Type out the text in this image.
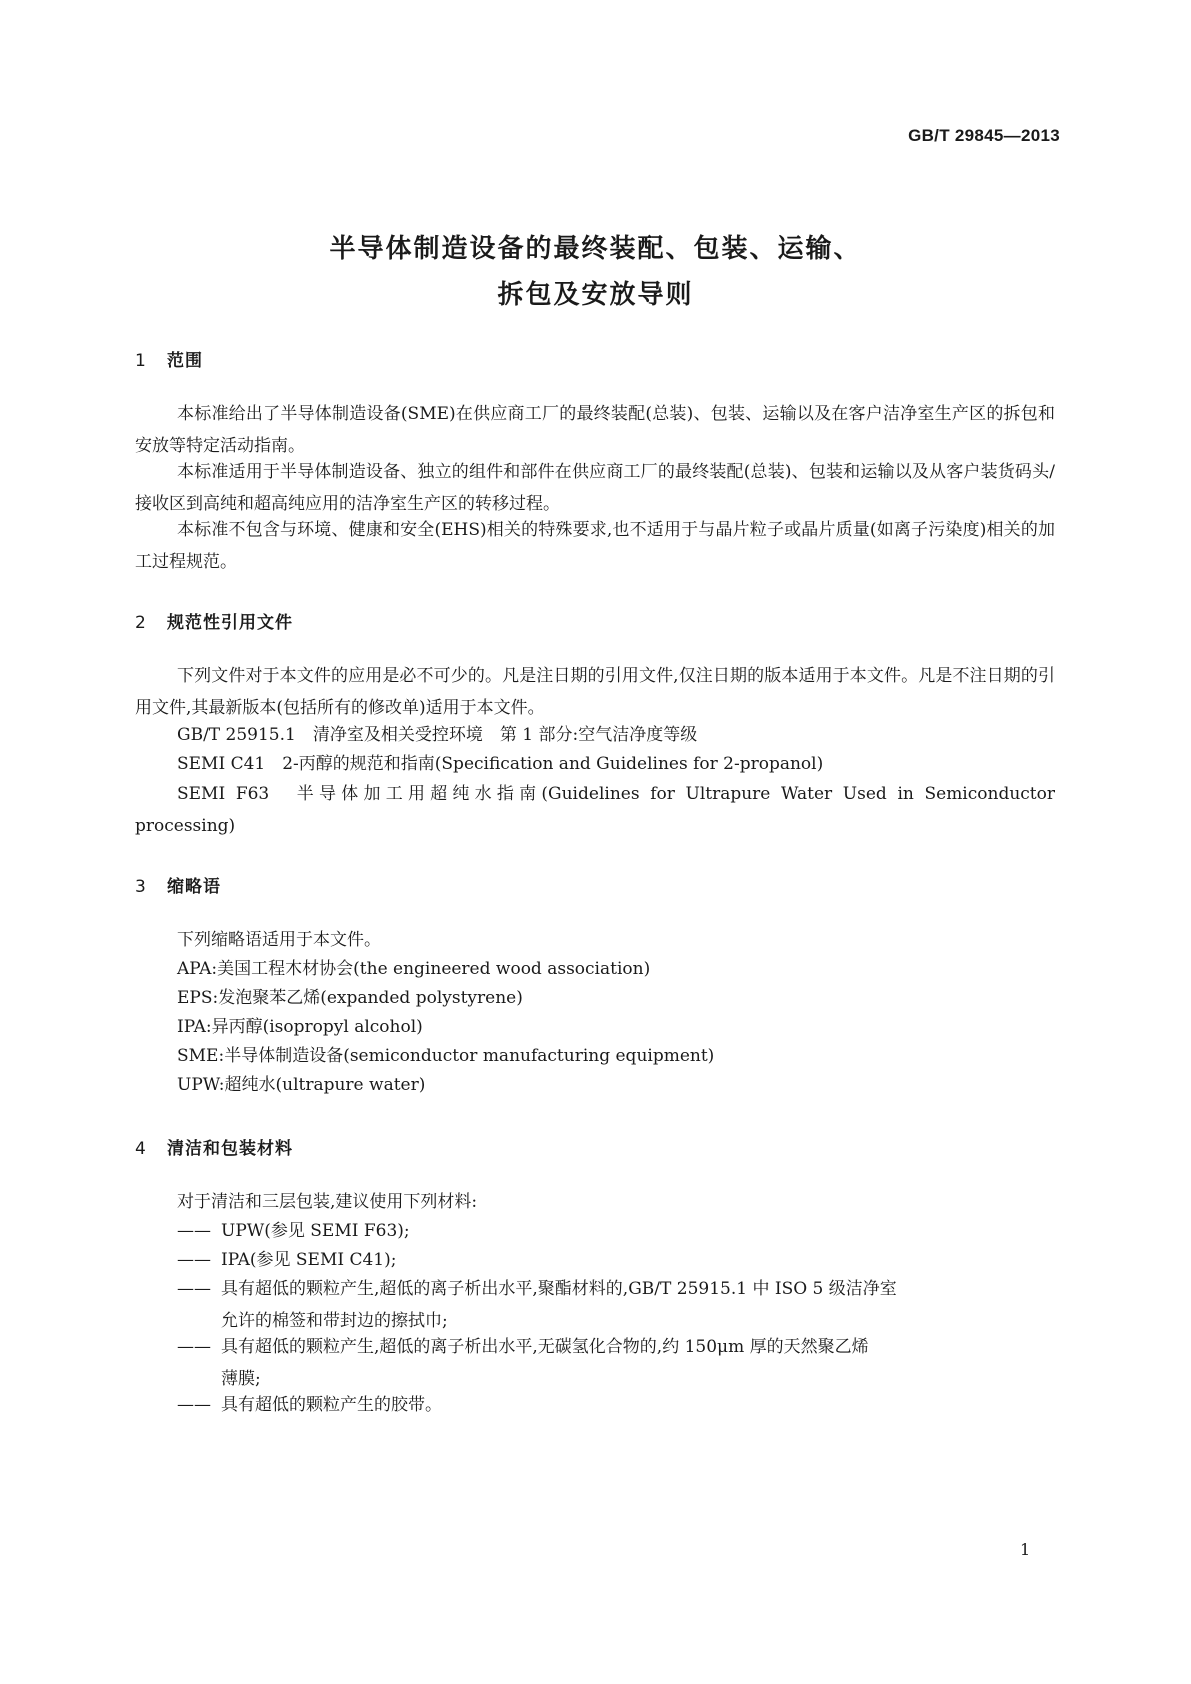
GB/T 29845—2013
半导体制造设备的最终装配、包装、运输、
拆包及安放导则
1 范围
本标准给出了半导体制造设备(SME)在供应商工厂的最终装配(总装)、包装、运输以及在客户洁净室生产区的拆包和安放等特定活动指南。
本标准适用于半导体制造设备、独立的组件和部件在供应商工厂的最终装配(总装)、包装和运输以及从客户装货码头/接收区到高纯和超高纯应用的洁净室生产区的转移过程。
本标准不包含与环境、健康和安全(EHS)相关的特殊要求,也不适用于与晶片粒子或晶片质量(如离子污染度)相关的加工过程规范。
2 规范性引用文件
下列文件对于本文件的应用是必不可少的。凡是注日期的引用文件,仅注日期的版本适用于本文件。凡是不注日期的引用文件,其最新版本(包括所有的修改单)适用于本文件。
GB/T 25915.1　清净室及相关受控环境　第 1 部分:空气洁净度等级
SEMI C41　2-丙醇的规范和指南(Specification and Guidelines for 2-propanol)
SEMI F63　半导体加工用超纯水指南(Guidelines for Ultrapure Water Used in Semiconductor processing)
3 缩略语
下列缩略语适用于本文件。
APA:美国工程木材协会(the engineered wood association)
EPS:发泡聚苯乙烯(expanded polystyrene)
IPA:异丙醇(isopropyl alcohol)
SME:半导体制造设备(semiconductor manufacturing equipment)
UPW:超纯水(ultrapure water)
4 清洁和包装材料
对于清洁和三层包装,建议使用下列材料:
—— UPW(参见 SEMI F63);
—— IPA(参见 SEMI C41);
—— 具有超低的颗粒产生,超低的离子析出水平,聚酯材料的,GB/T 25915.1 中 ISO 5 级洁净室
允许的棉签和带封边的擦拭巾;
—— 具有超低的颗粒产生,超低的离子析出水平,无碳氢化合物的,约 150μm 厚的天然聚乙烯
薄膜;
—— 具有超低的颗粒产生的胶带。
1
